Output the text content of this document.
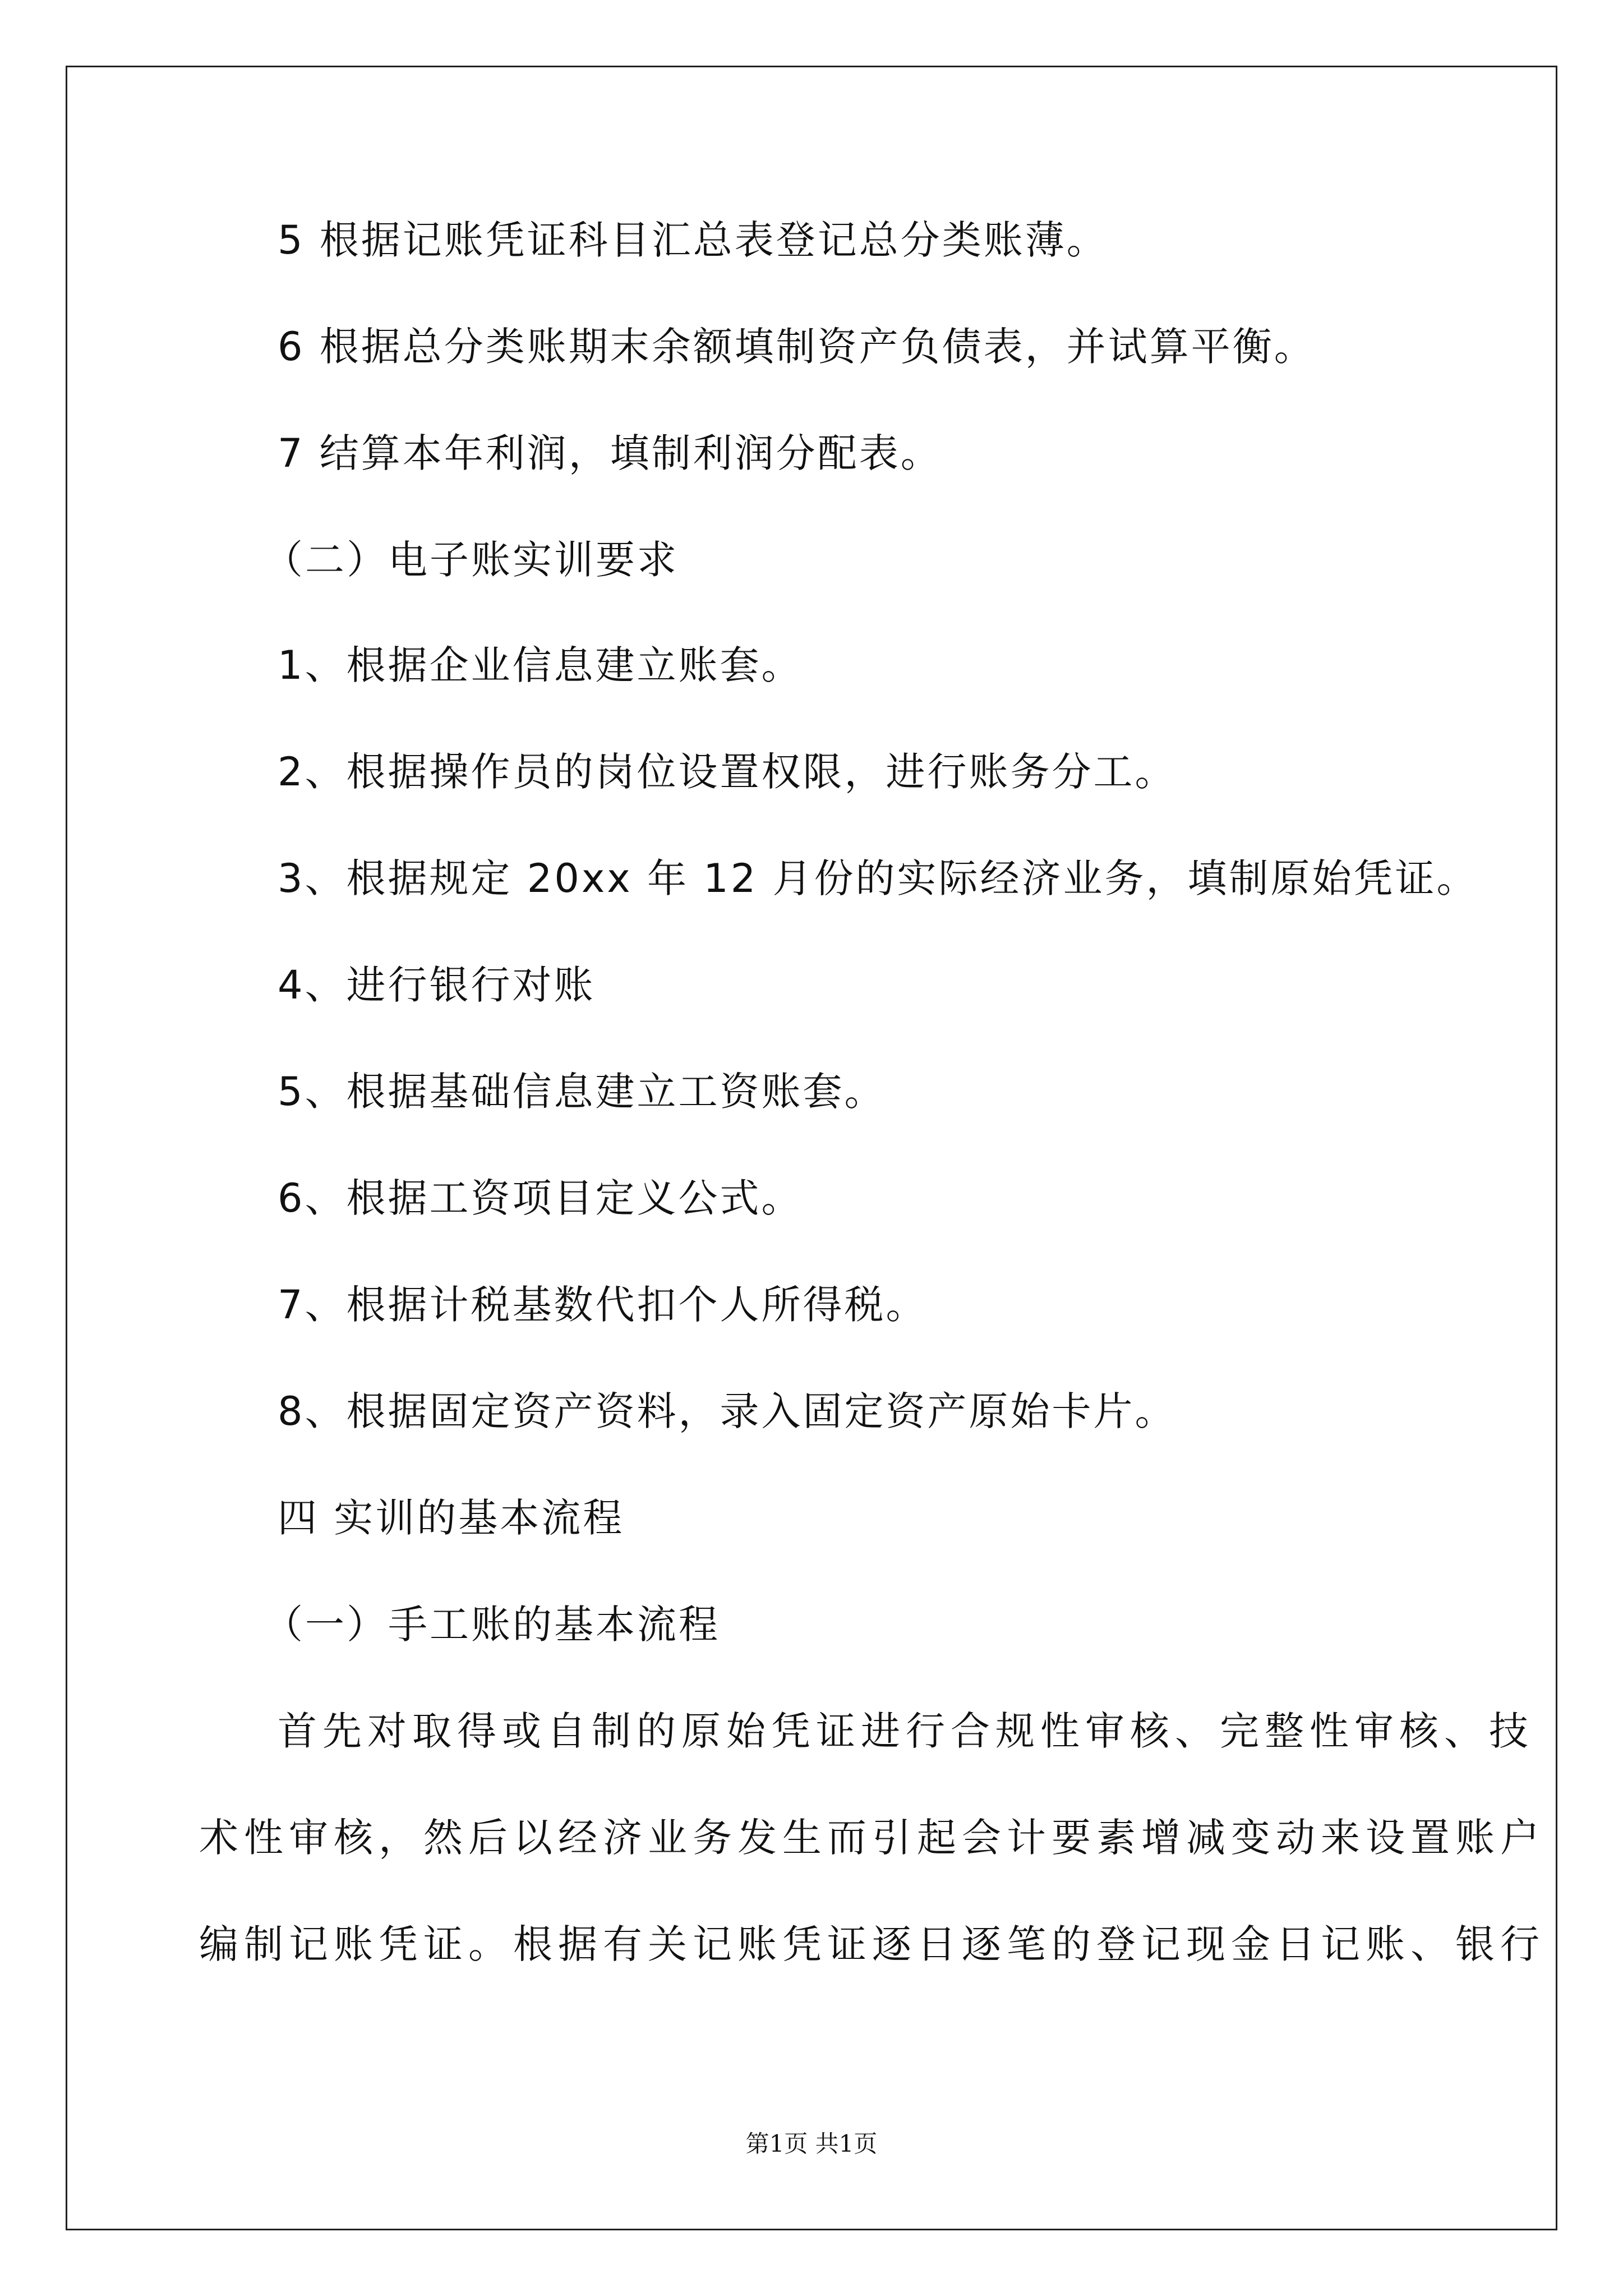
5 根据记账凭证科目汇总表登记总分类账薄。
6 根据总分类账期末余额填制资产负债表，并试算平衡。
7 结算本年利润，填制利润分配表。
（二）电子账实训要求
1、根据企业信息建立账套。
2、根据操作员的岗位设置权限，进行账务分工。
3、根据规定 20xx 年 12 月份的实际经济业务，填制原始凭证。
4、进行银行对账
5、根据基础信息建立工资账套。
6、根据工资项目定义公式。
7、根据计税基数代扣个人所得税。
8、根据固定资产资料，录入固定资产原始卡片。
四 实训的基本流程
（一）手工账的基本流程
首先对取得或自制的原始凭证进行合规性审核、完整性审核、技
术性审核，然后以经济业务发生而引起会计要素增减变动来设置账户
编制记账凭证。根据有关记账凭证逐日逐笔的登记现金日记账、银行
第1页 共1页
